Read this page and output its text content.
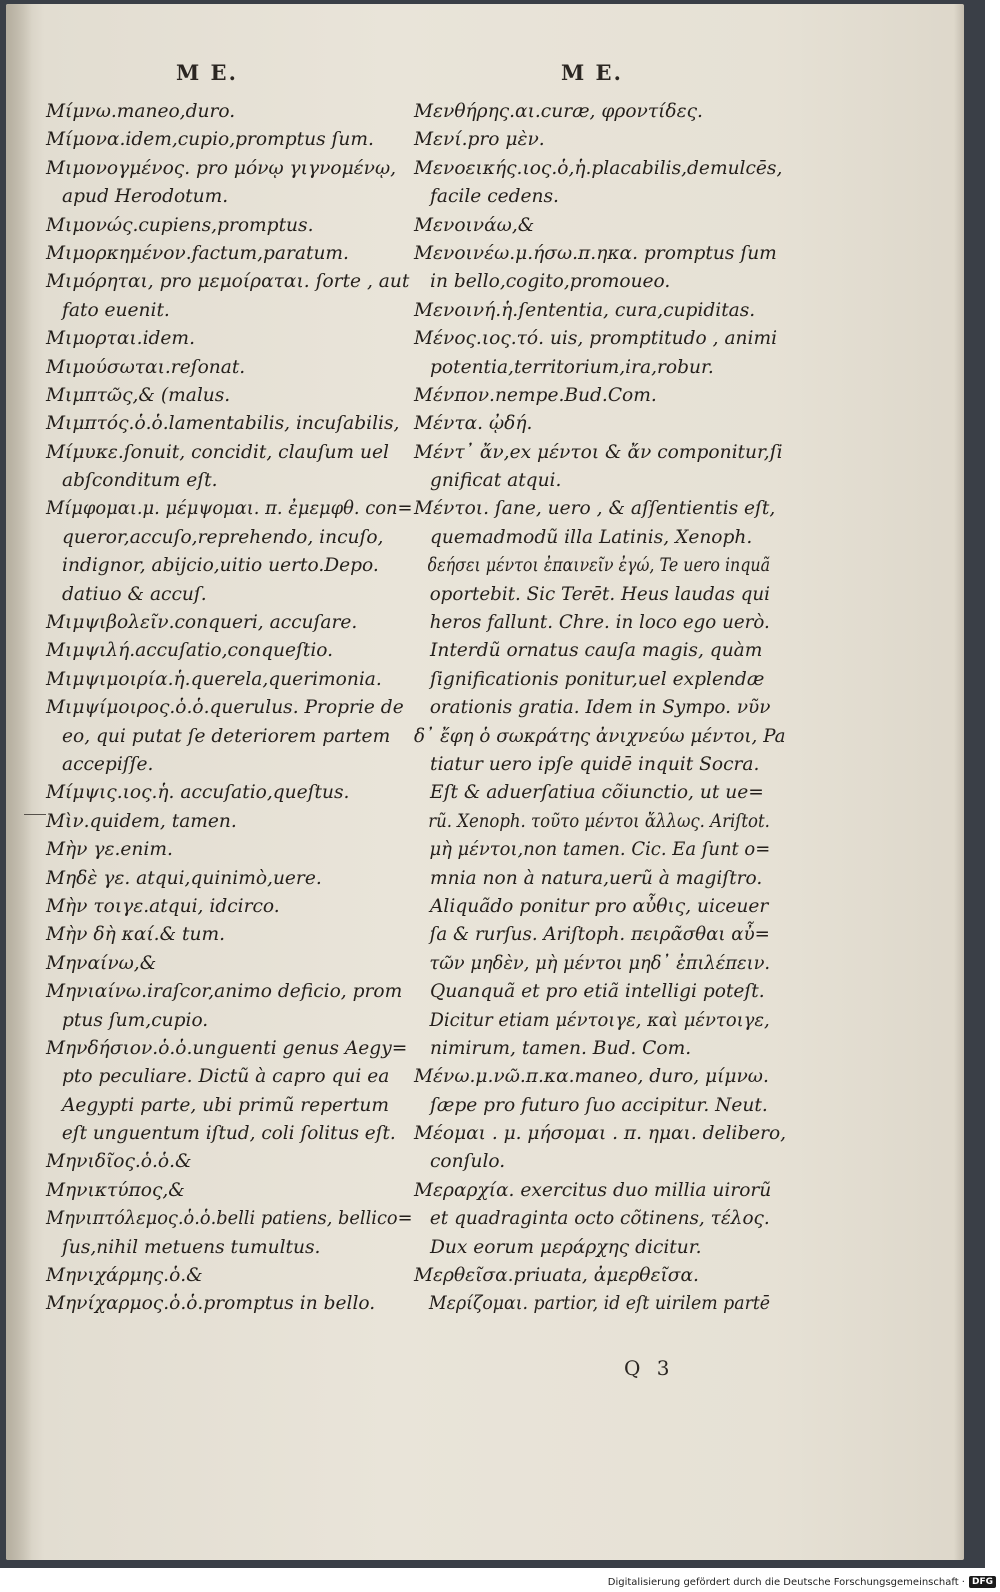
M E.	M E.
Μίμνω.maneo,duro.
Μίμονα.idem,cupio,promptus ſum.
Μιμονογμένος. pro μόνῳ γιγνομένῳ,
apud Herodotum.
Μιμονώς.cupiens,promptus.
Μιμορκημένον.factum,paratum.
Μιμόρηται, pro μεμοίραται. ſorte , aut
fato euenit.
Μιμορται.idem.
Μιμούσωται.reſonat.
Μιμπτῶς,& (malus.
Μιμπτός.ὁ.ὁ.lamentabilis, incuſabilis,
Μίμυκε.ſonuit, concidit, clauſum uel
abſconditum eſt.
Μίμφομαι.μ. μέμψομαι. π. ἐμεμφθ. con=
queror,accuſo,reprehendo, incuſo,
indignor, abijcio,uitio uerto.Depo.
datiuo & accuſ.
Μιμψιβολεῖν.conqueri, accuſare.
Μιμψιλή.accuſatio,conqueſtio.
Μιμψιμοιρία.ἡ.querela,querimonia.
Μιμψίμοιρος.ὁ.ὁ.querulus. Proprie de
eo, qui putat ſe deteriorem partem
accepiſſe.
Μίμψις.ιος.ἡ. accuſatio,queſtus.
Μὶν.quidem, tamen.
Μὴν γε.enim.
Μηδὲ γε. atqui,quinimò,uere.
Μὴν τοιγε.atqui, idcirco.
Μὴν δὴ καί.& tum.
Μηναίνω,&
Μηνιαίνω.iraſcor,animo deficio, prom
ptus ſum,cupio.
Μηνδήσιον.ὁ.ὁ.unguenti genus Aegy=
pto peculiare. Dictũ à capro qui ea
Aegypti parte, ubi primũ repertum
eſt unguentum iſtud, coli ſolitus eſt.
Μηνιδῖος.ὁ.ὁ.&
Μηνικτύπος,&
Μηνιπτόλεμος.ὁ.ὁ.belli patiens, bellico=
ſus,nihil metuens tumultus.
Μηνιχάρμης.ὁ.&
Μηνίχαρμος.ὁ.ὁ.promptus in bello.
Μενθήρης.αι.curæ, φροντίδες.
Μενί.pro μὲν.
Μενοεικής.ιος.ὁ,ἡ.placabilis,demulcēs,
facile cedens.
Μενοινάω,&
Μενοινέω.μ.ήσω.π.ηκα. promptus ſum
in bello,cogito,promoueo.
Μενοινή.ἡ.ſententia, cura,cupiditas.
Μένος.ιος.τό. uis, promptitudo , animi
potentia,territorium,ira,robur.
Μένπον.nempe.Bud.Com.
Μέντα. ᾠδή.
Μέντ᾽ ἄν,ex μέντοι & ἄν componitur,ſi
gnificat atqui.
Μέντοι. ſane, uero , & aſſentientis eſt,
quemadmodũ illa Latinis, Xenoph.
δεήσει μέντοι ἐπαινεῖν ἐγώ, Te uero inquã
oportebit. Sic Terēt. Heus laudas qui
heros fallunt. Chre. in loco ego uerò.
Interdũ ornatus cauſa magis, quàm
ſignificationis ponitur,uel explendæ
orationis gratia. Idem in Sympo. νῦν
δ᾽ ἔφη ὁ σωκράτης ἀνιχνεύω μέντοι, Pa
tiatur uero ipſe quidē inquit Socra.
Eſt & aduerſatiua cõiunctio, ut ue=
rũ. Xenoph. τοῦτο μέντοι ἄλλως. Ariſtot.
μὴ μέντοι,non tamen. Cic. Ea ſunt o=
mnia non à natura,uerũ à magiſtro.
Aliquãdo ponitur pro αὖθις, uiceuer
ſa & rurſus. Ariſtoph. πειρᾶσθαι αὖ=
τῶν μηδὲν, μὴ μέντοι μηδ᾽ ἐπιλέπειν.
Quanquã et pro etiã intelligi poteſt.
Dicitur etiam μέντοιγε, καὶ μέντοιγε,
nimirum, tamen. Bud. Com.
Μένω.μ.νῶ.π.κα.maneo, duro, μίμνω.
ſæpe pro futuro ſuo accipitur. Neut.
Μέομαι . μ. μήσομαι . π. ημαι. delibero,
conſulo.
Μεραρχία. exercitus duo millia uirorũ
et quadraginta octo cõtinens, τέλος.
Dux eorum μεράρχης dicitur.
Μερθεῖσα.priuata, ἀμερθεῖσα.
Μερίζομαι. partior, id eſt uirilem partē

Q 3

Digitalisierung gefördert durch die Deutsche Forschungsgemeinschaft · DFG
